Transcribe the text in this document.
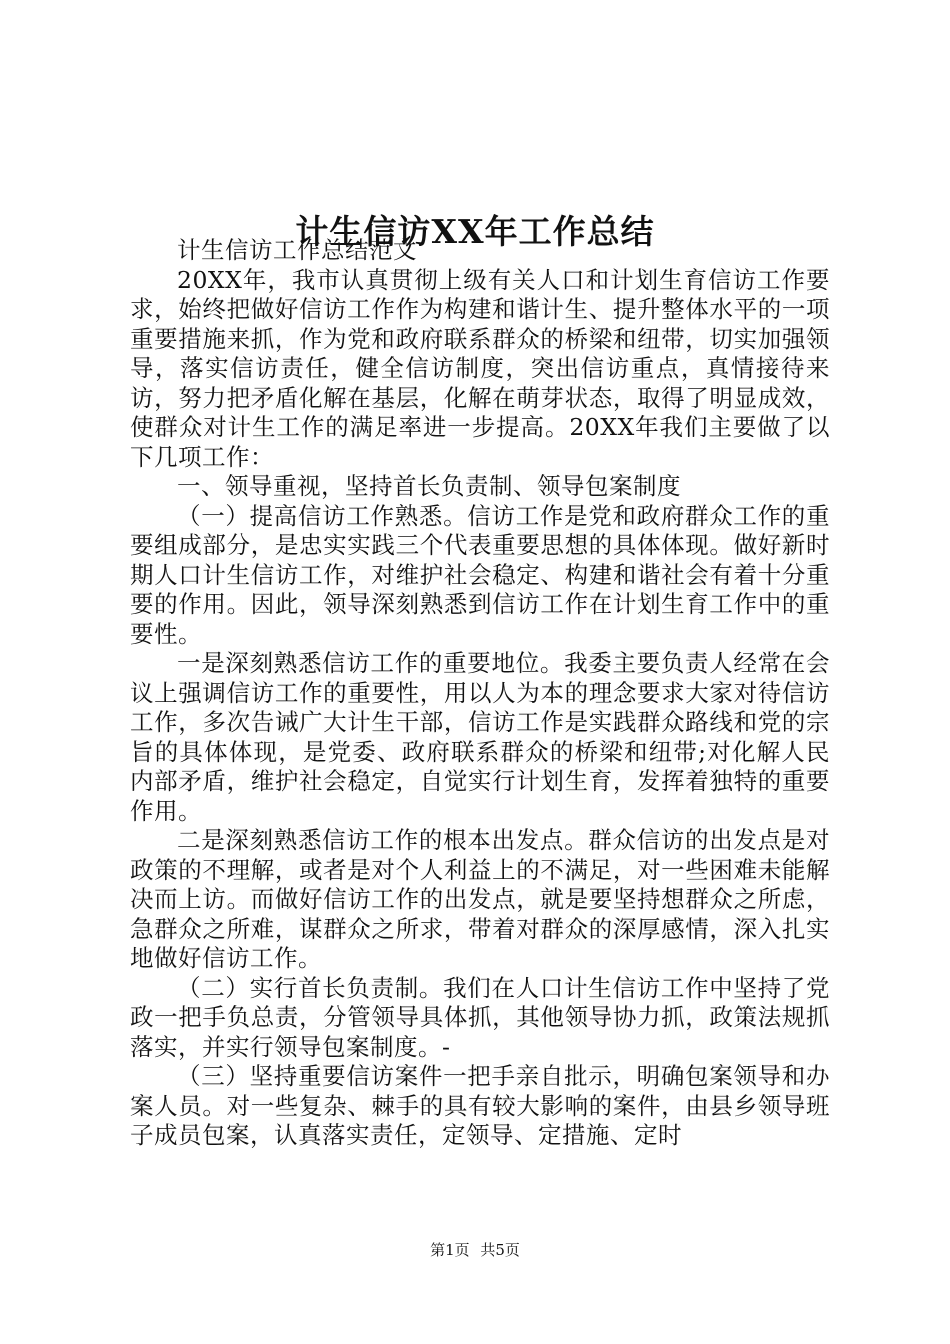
计生信访XX年工作总结

计生信访工作总结范文

20XX年，我市认真贯彻上级有关人口和计划生育信访工作要求，始终把做好信访工作作为构建和谐计生、提升整体水平的一项重要措施来抓，作为党和政府联系群众的桥梁和纽带，切实加强领导，落实信访责任，健全信访制度，突出信访重点，真情接待来访，努力把矛盾化解在基层，化解在萌芽状态，取得了明显成效，使群众对计生工作的满足率进一步提高。20XX年我们主要做了以下几项工作：

一、领导重视，坚持首长负责制、领导包案制度

（一）提高信访工作熟悉。信访工作是党和政府群众工作的重要组成部分，是忠实实践三个代表重要思想的具体体现。做好新时期人口计生信访工作，对维护社会稳定、构建和谐社会有着十分重要的作用。因此，领导深刻熟悉到信访工作在计划生育工作中的重要性。

一是深刻熟悉信访工作的重要地位。我委主要负责人经常在会议上强调信访工作的重要性，用以人为本的理念要求大家对待信访工作，多次告诫广大计生干部，信访工作是实践群众路线和党的宗旨的具体体现，是党委、政府联系群众的桥梁和纽带;对化解人民内部矛盾，维护社会稳定，自觉实行计划生育，发挥着独特的重要作用。

二是深刻熟悉信访工作的根本出发点。群众信访的出发点是对政策的不理解，或者是对个人利益上的不满足，对一些困难未能解决而上访。而做好信访工作的出发点，就是要坚持想群众之所虑，急群众之所难，谋群众之所求，带着对群众的深厚感情，深入扎实地做好信访工作。

（二）实行首长负责制。我们在人口计生信访工作中坚持了党政一把手负总责，分管领导具体抓，其他领导协力抓，政策法规抓落实，并实行领导包案制度。-

（三）坚持重要信访案件一把手亲自批示，明确包案领导和办案人员。对一些复杂、棘手的具有较大影响的案件，由县乡领导班子成员包案，认真落实责任，定领导、定措施、定时

第1页 共5页
